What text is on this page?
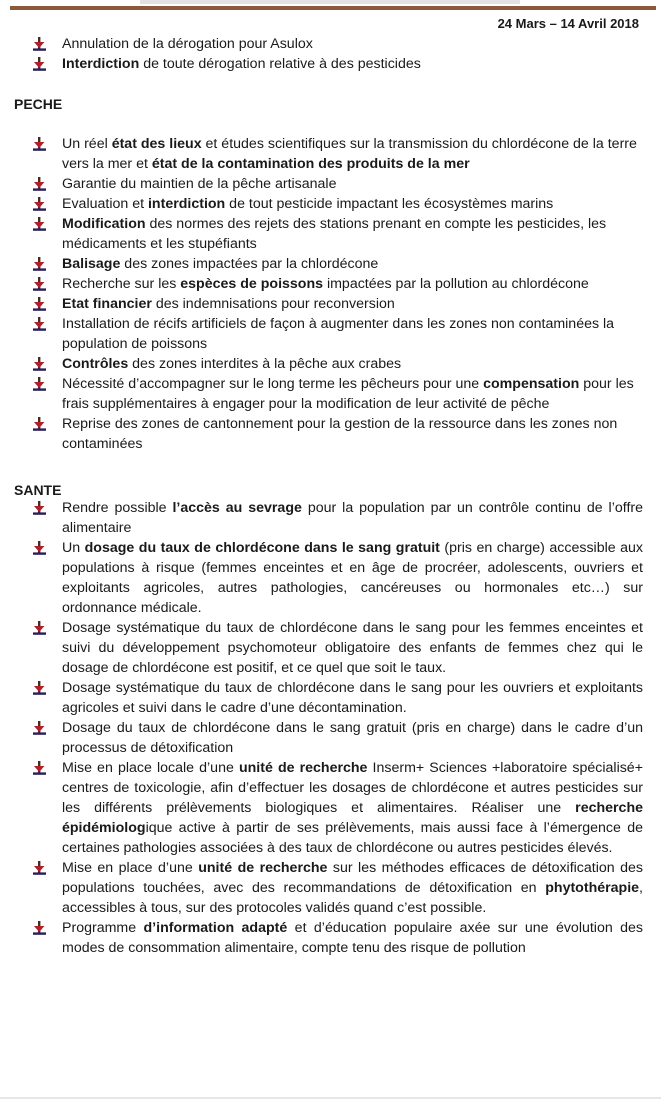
24 Mars – 14 Avril 2018
Annulation de la dérogation pour Asulox
Interdiction de toute dérogation relative à des pesticides
PECHE
Un réel état des lieux et études scientifiques sur la transmission du chlordécone de la terre vers la mer et état de la contamination des produits de la mer
Garantie du maintien de la pêche artisanale
Evaluation et interdiction de tout pesticide impactant les écosystèmes marins
Modification des normes des rejets des stations prenant en compte les pesticides, les médicaments et les stupéfiants
Balisage des zones impactées par la chlordécone
Recherche sur les espèces de poissons impactées par la pollution au chlordécone
Etat financier des indemnisations pour reconversion
Installation de récifs artificiels de façon à augmenter dans les zones non contaminées la population de poissons
Contrôles des zones interdites à la pêche aux crabes
Nécessité d’accompagner sur le long terme les pêcheurs pour une compensation pour les frais supplémentaires à engager pour la modification de leur activité de pêche
Reprise des zones de cantonnement pour la gestion de la ressource dans les zones non contaminées
SANTE
Rendre possible l’accès au sevrage pour la population par un contrôle continu de l’offre alimentaire
Un dosage du taux de chlordécone dans le sang gratuit (pris en charge) accessible aux populations à risque (femmes enceintes et en âge de procréer, adolescents, ouvriers et exploitants agricoles, autres pathologies, cancéreuses ou hormonales etc…) sur ordonnance médicale.
Dosage systématique du taux de chlordécone dans le sang pour les femmes enceintes et suivi du développement psychomoteur obligatoire des enfants de femmes chez qui le dosage de chlordécone est positif, et ce quel que soit le taux.
Dosage systématique du taux de chlordécone dans le sang pour les ouvriers et exploitants agricoles et suivi dans le cadre d’une décontamination.
Dosage du taux de chlordécone dans le sang gratuit (pris en charge) dans le cadre d’un processus de détoxification
Mise en place locale d’une unité de recherche Inserm+ Sciences +laboratoire spécialisé+ centres de toxicologie, afin d’effectuer les dosages de chlordécone et autres pesticides sur les différents prélèvements biologiques et alimentaires. Réaliser une recherche épidémiologique active à partir de ses prélèvements, mais aussi face à l’émergence de certaines pathologies associées à des taux de chlordécone ou autres pesticides élevés.
Mise en place d’une unité de recherche sur les méthodes efficaces de détoxification des populations touchées, avec des recommandations de détoxification en phytothérapie, accessibles à tous, sur des protocoles validés quand c’est possible.
Programme d’information adapté et d’éducation populaire axée sur une évolution des modes de consommation alimentaire, compte tenu des risque de pollution
